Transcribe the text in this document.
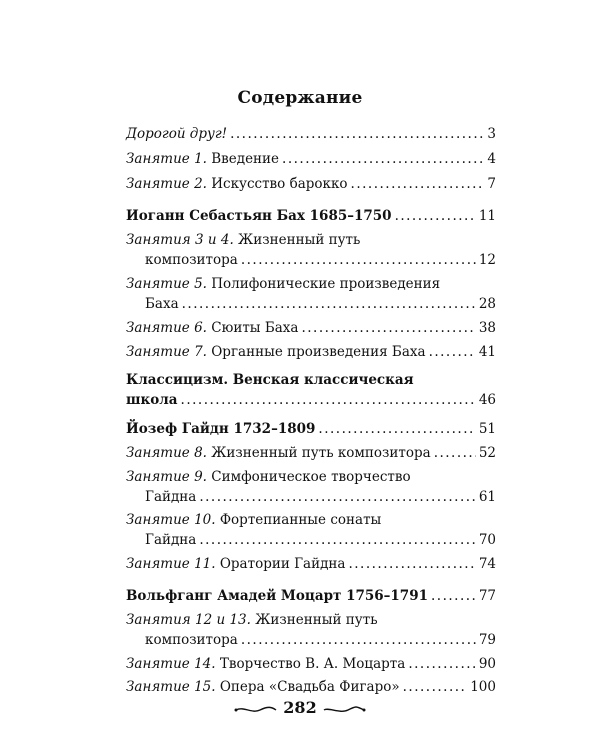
Содержание
Дорогой друг! .....	3
Занятие 1. Введение .....	4
Занятие 2. Искусство барокко .....	7
Иоганн Себастьян Бах 1685–1750 .....	11
Занятия 3 и 4. Жизненный путь
композитора .....	12
Занятие 5. Полифонические произведения
Баха .....	28
Занятие 6. Сюиты Баха .....	38
Занятие 7. Органные произведения Баха .....	41
Классицизм. Венская классическая
школа .....	46
Йозеф Гайдн 1732–1809 .....	51
Занятие 8. Жизненный путь композитора .....	52
Занятие 9. Симфоническое творчество
Гайдна .....	61
Занятие 10. Фортепианные сонаты
Гайдна .....	70
Занятие 11. Оратории Гайдна .....	74
Вольфганг Амадей Моцарт 1756–1791 .....	77
Занятия 12 и 13. Жизненный путь
композитора .....	79
Занятие 14. Творчество В. А. Моцарта .....	90
Занятие 15. Опера «Свадьба Фигаро» .....	100
282
